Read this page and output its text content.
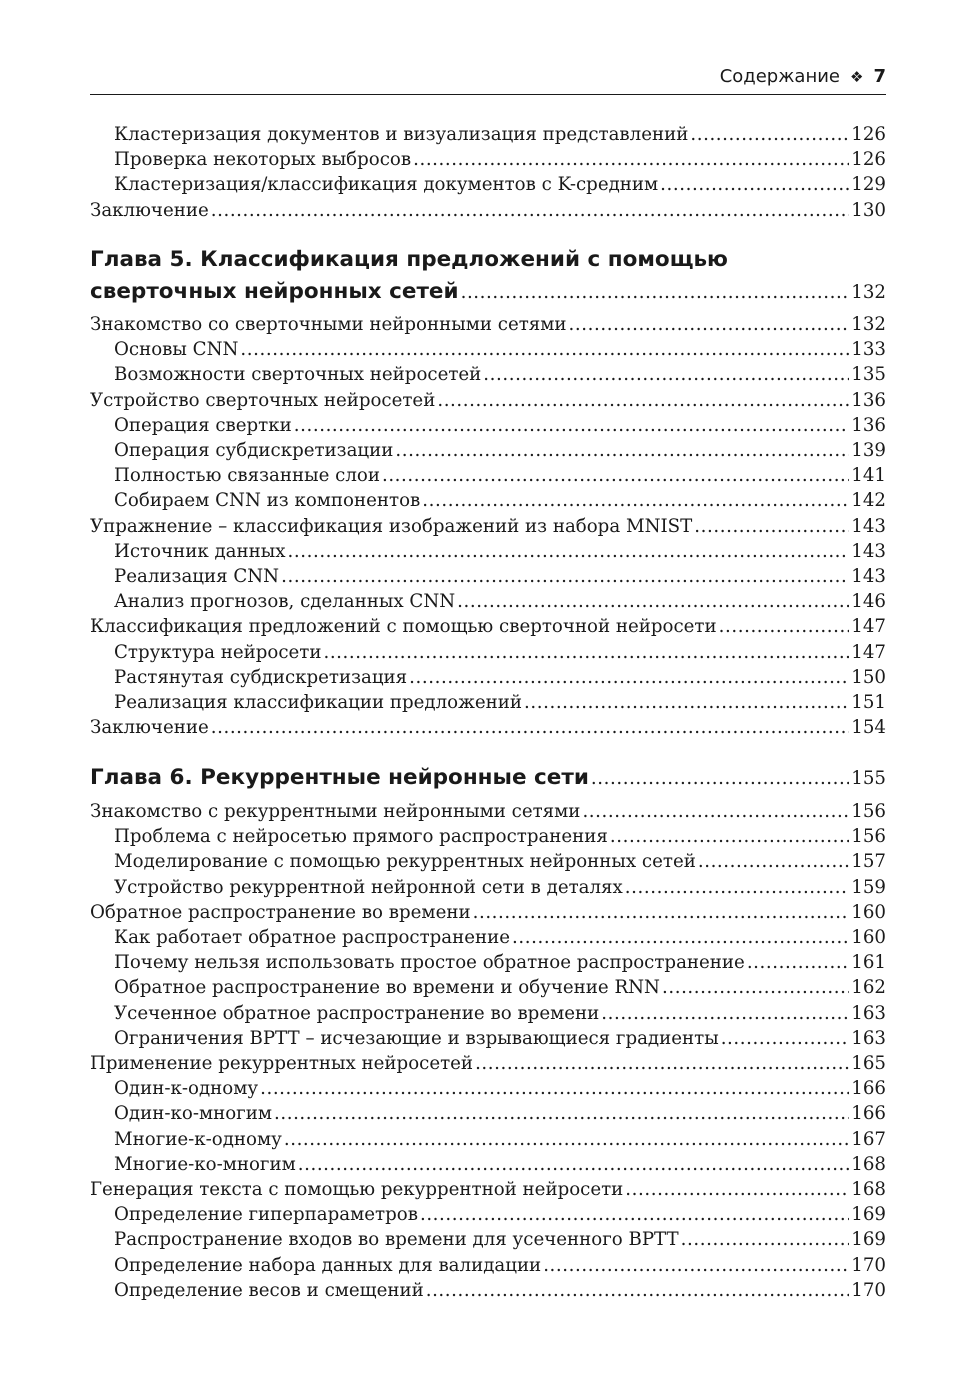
Содержание ❖ 7
Кластеризация документов и визуализация представлений . . .	126
Проверка некоторых выбросов . . .	126
Кластеризация/классификация документов с K-средним . . .	129
Заключение . . .	130
Глава 5. Классификация предложений с помощью
сверточных нейронных сетей . . .	132
Знакомство со сверточными нейронными сетями . . .	132
Основы CNN . . .	133
Возможности сверточных нейросетей . . .	135
Устройство сверточных нейросетей . . .	136
Операция свертки . . .	136
Операция субдискретизации . . .	139
Полностью связанные слои . . .	141
Собираем CNN из компонентов . . .	142
Упражнение – классификация изображений из набора MNIST . . .	143
Источник данных . . .	143
Реализация CNN . . .	143
Анализ прогнозов, сделанных CNN . . .	146
Классификация предложений с помощью сверточной нейросети . . .	147
Структура нейросети . . .	147
Растянутая субдискретизация . . .	150
Реализация классификации предложений . . .	151
Заключение . . .	154
Глава 6. Рекуррентные нейронные сети . . .	155
Знакомство с рекуррентными нейронными сетями . . .	156
Проблема с нейросетью прямого распространения . . .	156
Моделирование с помощью рекуррентных нейронных сетей . . .	157
Устройство рекуррентной нейронной сети в деталях . . .	159
Обратное распространение во времени . . .	160
Как работает обратное распространение . . .	160
Почему нельзя использовать простое обратное распространение . . .	161
Обратное распространение во времени и обучение RNN . . .	162
Усеченное обратное распространение во времени . . .	163
Ограничения BPTT – исчезающие и взрывающиеся градиенты . . .	163
Применение рекуррентных нейросетей . . .	165
Один-к-одному . . .	166
Один-ко-многим . . .	166
Многие-к-одному . . .	167
Многие-ко-многим . . .	168
Генерация текста с помощью рекуррентной нейросети . . .	168
Определение гиперпараметров . . .	169
Распространение входов во времени для усеченного BPTT . . .	169
Определение набора данных для валидации . . .	170
Определение весов и смещений . . .	170
